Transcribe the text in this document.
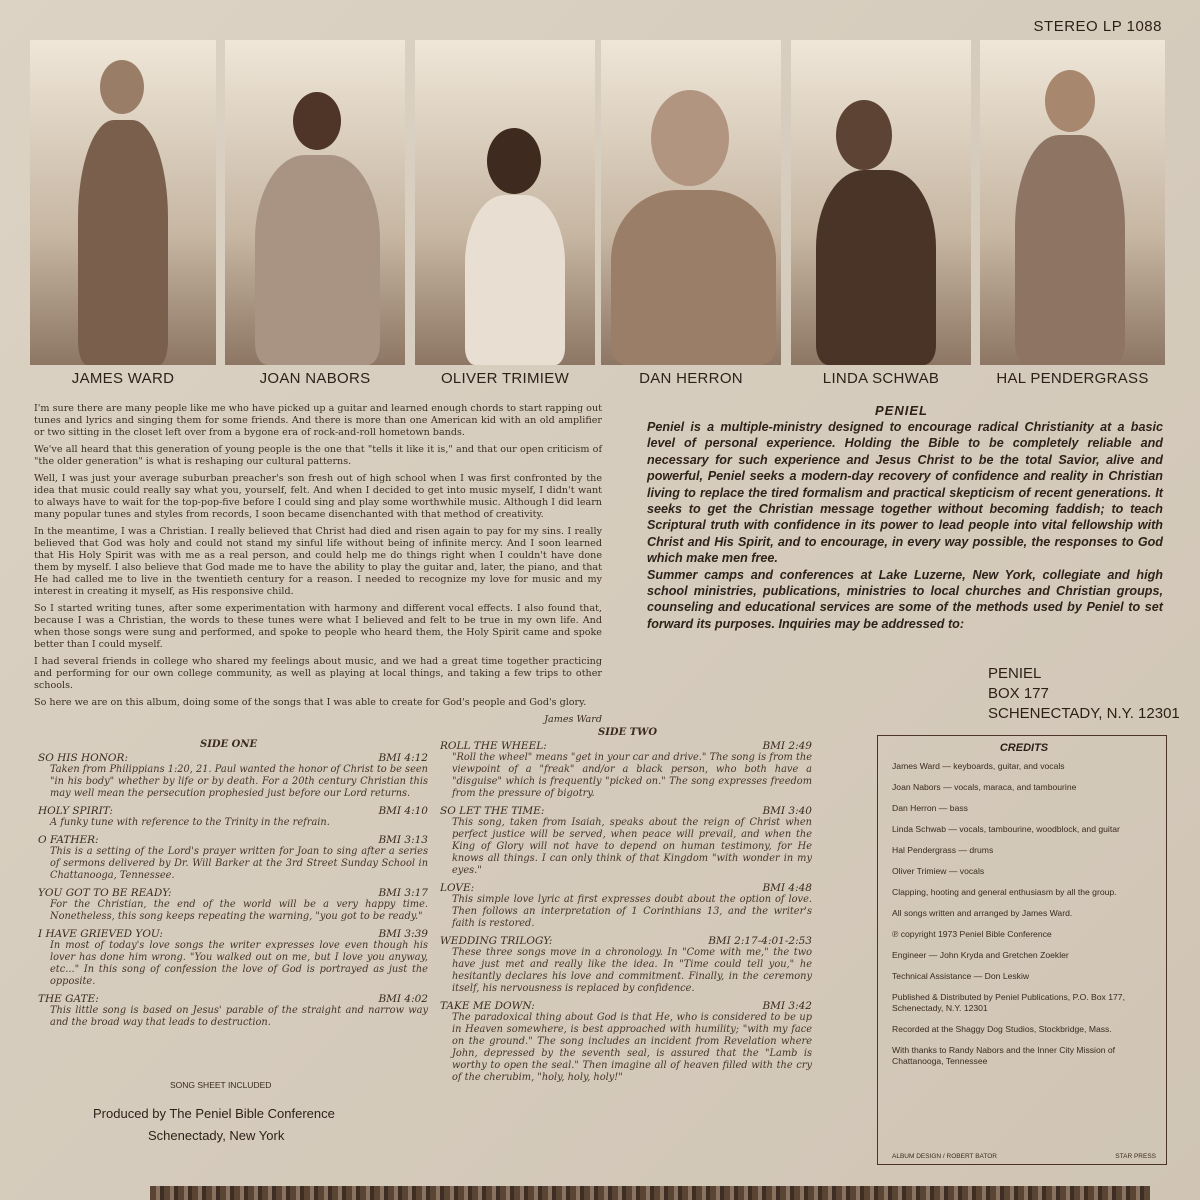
STEREO LP 1088
JAMES WARD	JOAN NABORS	OLIVER TRIMIEW	DAN HERRON	LINDA SCHWAB	HAL PENDERGRASS

I'm sure there are many people like me who have picked up a guitar and learned enough chords to start rapping out tunes and lyrics and singing them for some friends. And there is more than one American kid with an old amplifier or two sitting in the closet left over from a bygone era of rock-and-roll hometown bands.

We've all heard that this generation of young people is the one that "tells it like it is," and that our open criticism of "the older generation" is what is reshaping our cultural patterns.

Well, I was just your average suburban preacher's son fresh out of high school when I was first confronted by the idea that music could really say what you, yourself, felt. And when I decided to get into music myself, I didn't want to always have to wait for the top-pop-five before I could sing and play some worthwhile music. Although I did learn many popular tunes and styles from records, I soon became disenchanted with that method of creativity.

In the meantime, I was a Christian. I really believed that Christ had died and risen again to pay for my sins. I really believed that God was holy and could not stand my sinful life without being of infinite mercy. And I soon learned that His Holy Spirit was with me as a real person, and could help me do things right when I couldn't have done them by myself. I also believe that God made me to have the ability to play the guitar and, later, the piano, and that He had called me to live in the twentieth century for a reason. I needed to recognize my love for music and my interest in creating it myself, as His responsive child.

So I started writing tunes, after some experimentation with harmony and different vocal effects. I also found that, because I was a Christian, the words to these tunes were what I believed and felt to be true in my own life. And when those songs were sung and performed, and spoke to people who heard them, the Holy Spirit came and spoke better than I could myself.

I had several friends in college who shared my feelings about music, and we had a great time together practicing and performing for our own college community, as well as playing at local things, and taking a few trips to other schools.

So here we are on this album, doing some of the songs that I was able to create for God's people and God's glory.

James Ward

PENIEL

Peniel is a multiple-ministry designed to encourage radical Christianity at a basic level of personal experience. Holding the Bible to be completely reliable and necessary for such experience and Jesus Christ to be the total Savior, alive and powerful, Peniel seeks a modern-day recovery of confidence and reality in Christian living to replace the tired formalism and practical skepticism of recent generations. It seeks to get the Christian message together without becoming faddish; to teach Scriptural truth with confidence in its power to lead people into vital fellowship with Christ and His Spirit, and to encourage, in every way possible, the responses to God which make men free.

Summer camps and conferences at Lake Luzerne, New York, collegiate and high school ministries, publications, ministries to local churches and Christian groups, counseling and educational services are some of the methods used by Peniel to set forward its purposes. Inquiries may be addressed to:

PENIEL
BOX 177
SCHENECTADY, N.Y. 12301
SIDE ONE
SO HIS HONOR:	BMI 4:12
Taken from Philippians 1:20, 21. Paul wanted the honor of Christ to be seen "in his body" whether by life or by death. For a 20th century Christian this may well mean the persecution prophesied just before our Lord returns.
HOLY SPIRIT:	BMI 4:10
A funky tune with reference to the Trinity in the refrain.
O FATHER:	BMI 3:13
This is a setting of the Lord's prayer written for Joan to sing after a series of sermons delivered by Dr. Will Barker at the 3rd Street Sunday School in Chattanooga, Tennessee.
YOU GOT TO BE READY:	BMI 3:17
For the Christian, the end of the world will be a very happy time. Nonetheless, this song keeps repeating the warning, "you got to be ready."
I HAVE GRIEVED YOU:	BMI 3:39
In most of today's love songs the writer expresses love even though his lover has done him wrong. "You walked out on me, but I love you anyway, etc..." In this song of confession the love of God is portrayed as just the opposite.
THE GATE:	BMI 4:02
This little song is based on Jesus' parable of the straight and narrow way and the broad way that leads to destruction.
SIDE TWO
ROLL THE WHEEL:	BMI 2:49
"Roll the wheel" means "get in your car and drive." The song is from the viewpoint of a "freak" and/or a black person, who both have a "disguise" which is frequently "picked on." The song expresses freedom from the pressure of bigotry.
SO LET THE TIME:	BMI 3:40
This song, taken from Isaiah, speaks about the reign of Christ when perfect justice will be served, when peace will prevail, and when the King of Glory will not have to depend on human testimony, for He knows all things. I can only think of that Kingdom "with wonder in my eyes."
LOVE:	BMI 4:48
This simple love lyric at first expresses doubt about the option of love. Then follows an interpretation of 1 Corinthians 13, and the writer's faith is restored.
WEDDING TRILOGY:	BMI 2:17-4:01-2:53
These three songs move in a chronology. In "Come with me," the two have just met and really like the idea. In "Time could tell you," he hesitantly declares his love and commitment. Finally, in the ceremony itself, his nervousness is replaced by confidence.
TAKE ME DOWN:	BMI 3:42
The paradoxical thing about God is that He, who is considered to be up in Heaven somewhere, is best approached with humility; "with my face on the ground." The song includes an incident from Revelation where John, depressed by the seventh seal, is assured that the "Lamb is worthy to open the seal." Then imagine all of heaven filled with the cry of the cherubim, "holy, holy, holy!"
SONG SHEET INCLUDED
Produced by The Peniel Bible Conference
Schenectady, New York
CREDITS
James Ward — keyboards, guitar, and vocals
Joan Nabors — vocals, maraca, and tambourine
Dan Herron — bass
Linda Schwab — vocals, tambourine, woodblock, and guitar
Hal Pendergrass — drums
Oliver Trimiew — vocals
Clapping, hooting and general enthusiasm by all the group.
All songs written and arranged by James Ward.
℗ copyright 1973 Peniel Bible Conference
Engineer — John Kryda and Gretchen Zoekler
Technical Assistance — Don Leskiw
Published & Distributed by Peniel Publications, P.O. Box 177, Schenectady, N.Y. 12301
Recorded at the Shaggy Dog Studios, Stockbridge, Mass.
With thanks to Randy Nabors and the Inner City Mission of Chattanooga, Tennessee
ALBUM DESIGN / ROBERT BATOR	STAR PRESS
